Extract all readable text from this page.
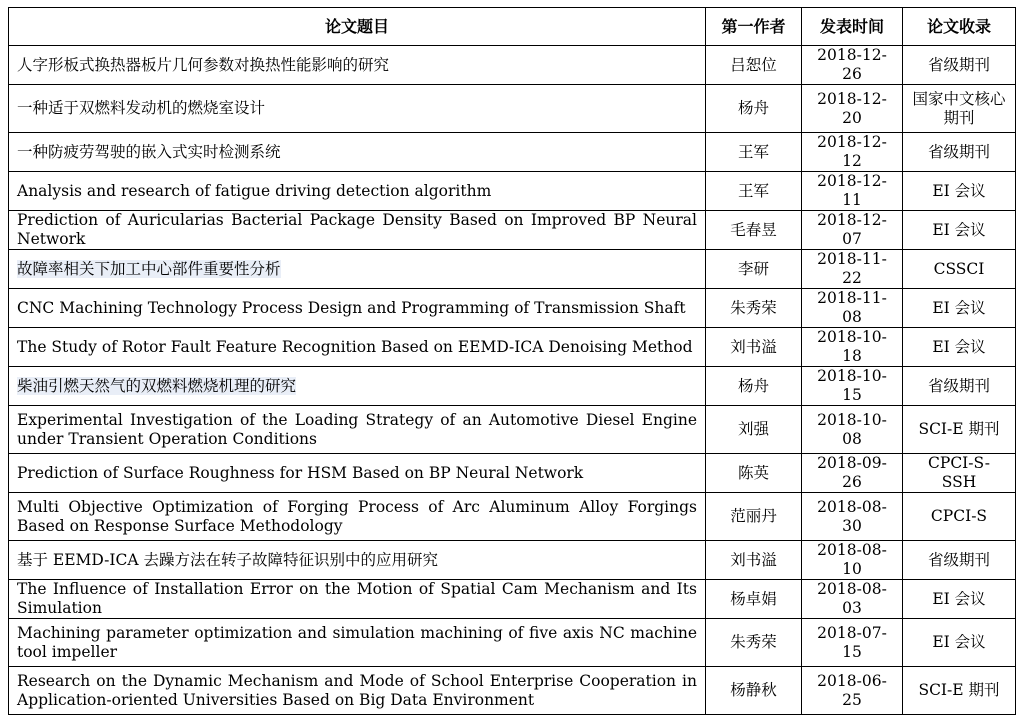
论文题目	第一作者	发表时间	论文收录
人字形板式换热器板片几何参数对换热性能影响的研究	吕恕位	2018-12-26	省级期刊
一种适于双燃料发动机的燃烧室设计	杨舟	2018-12-20	国家中文核心期刊
一种防疲劳驾驶的嵌入式实时检测系统	王军	2018-12-12	省级期刊
Analysis and research of fatigue driving detection algorithm	王军	2018-12-11	EI 会议
Prediction of Auricularias Bacterial Package Density Based on Improved BP Neural Network	毛春昱	2018-12-07	EI 会议
故障率相关下加工中心部件重要性分析	李研	2018-11-22	CSSCI
CNC Machining Technology Process Design and Programming of Transmission Shaft	朱秀荣	2018-11-08	EI 会议
The Study of Rotor Fault Feature Recognition Based on EEMD-ICA Denoising Method	刘书溢	2018-10-18	EI 会议
柴油引燃天然气的双燃料燃烧机理的研究	杨舟	2018-10-15	省级期刊
Experimental Investigation of the Loading Strategy of an Automotive Diesel Engine under Transient Operation Conditions	刘强	2018-10-08	SCI-E 期刊
Prediction of Surface Roughness for HSM Based on BP Neural Network	陈英	2018-09-26	CPCI-S-SSH
Multi Objective Optimization of Forging Process of Arc Aluminum Alloy Forgings Based on Response Surface Methodology	范丽丹	2018-08-30	CPCI-S
基于 EEMD-ICA 去躁方法在转子故障特征识别中的应用研究	刘书溢	2018-08-10	省级期刊
The Influence of Installation Error on the Motion of Spatial Cam Mechanism and Its Simulation	杨卓娟	2018-08-03	EI 会议
Machining parameter optimization and simulation machining of five axis NC machine tool impeller	朱秀荣	2018-07-15	EI 会议
Research on the Dynamic Mechanism and Mode of School Enterprise Cooperation in Application-oriented Universities Based on Big Data Environment	杨静秋	2018-06-25	SCI-E 期刊
